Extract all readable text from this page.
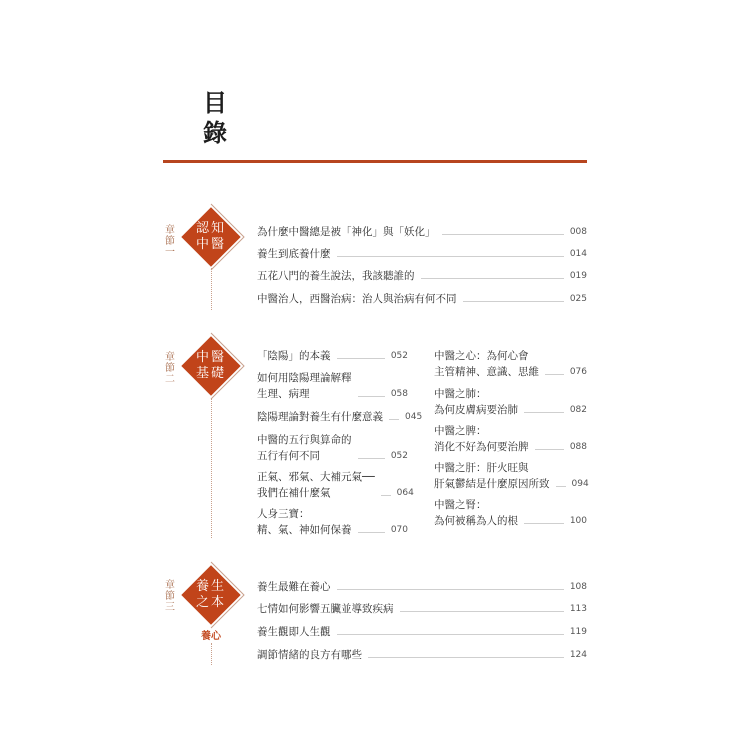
目
錄
章
節
一
認知
中醫
為什麼中醫總是被「神化」與「妖化」	008
養生到底養什麼	014
五花八門的養生說法，我該聽誰的	019
中醫治人，西醫治病：治人與治病有何不同	025
章
節
二
中醫
基礎
「陰陽」的本義	052
如何用陰陽理論解釋
生理、病理	058
陰陽理論對養生有什麼意義 045
中醫的五行與算命的
五行有何不同	052
正氣、邪氣、大補元氣──
我們在補什麼氣	064
人身三寶：
精、氣、神如何保養	070
中醫之心：為何心會
主管精神、意識、思維	076
中醫之肺：
為何皮膚病要治肺	082
中醫之脾：
消化不好為何要治脾	088
中醫之肝：肝火旺與
肝氣鬱結是什麼原因所致 094
中醫之腎：
為何被稱為人的根	100
章
節
三
養生
之本
養心
養生最難在養心	108
七情如何影響五臟並導致疾病	113
養生觀即人生觀	119
調節情緒的良方有哪些	124
